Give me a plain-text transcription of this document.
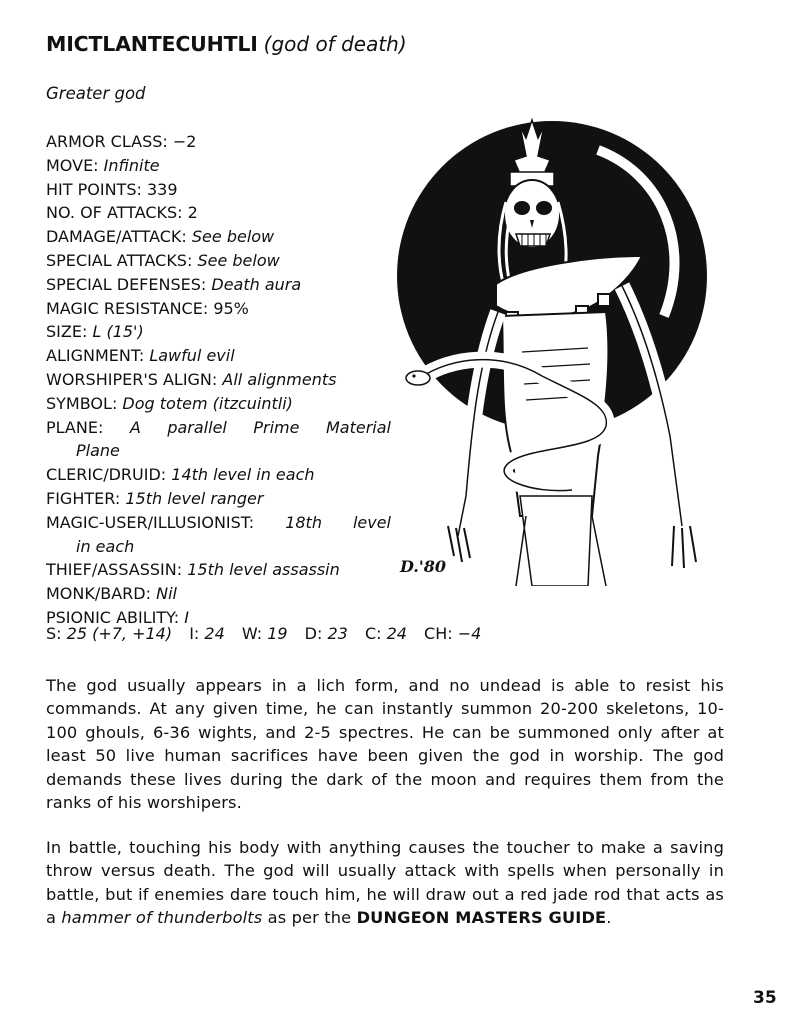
MICTLANTECUHTLI (god of death)
Greater god
ARMOR CLASS: −2
MOVE: Infinite
HIT POINTS: 339
NO. OF ATTACKS: 2
DAMAGE/ATTACK: See below
SPECIAL ATTACKS: See below
SPECIAL DEFENSES: Death aura
MAGIC RESISTANCE: 95%
SIZE: L (15')
ALIGNMENT: Lawful evil
WORSHIPER'S ALIGN: All alignments
SYMBOL: Dog totem (itzcuintli)
PLANE: A parallel Prime Material
Plane
CLERIC/DRUID: 14th level in each
FIGHTER: 15th level ranger
MAGIC-USER/ILLUSIONIST: 18th level
in each
THIEF/ASSASSIN: 15th level assassin
MONK/BARD: Nil
PSIONIC ABILITY: I
S: 25 (+7, +14) I: 24 W: 19 D: 23 C: 24 CH: −4
The god usually appears in a lich form, and no undead is able to resist his commands. At any given time, he can instantly summon 20-200 skeletons, 10-100 ghouls, 6-36 wights, and 2-5 spectres. He can be summoned only after at least 50 live human sacrifices have been given the god in worship. The god demands these lives during the dark of the moon and requires them from the ranks of his worshipers.
In battle, touching his body with anything causes the toucher to make a saving throw versus death. The god will usually attack with spells when personally in battle, but if enemies dare touch him, he will draw out a red jade rod that acts as a hammer of thunderbolts as per the DUNGEON MASTERS GUIDE.
35
D.'80
